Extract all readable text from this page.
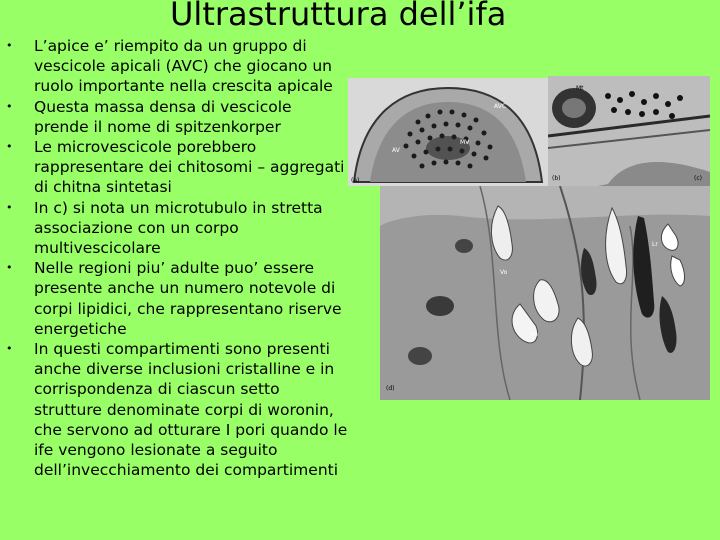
Ultrastruttura dell’ifa
• L’apice e’ riempito da un gruppo di vescicole apicali (AVC) che giocano un ruolo importante nella crescita apicale
• Questa massa densa di vescicole prende il nome di spitzenkorper
• Le microvescicole porebbero rappresentare dei chitosomi – aggregati di chitna sintetasi
• In c) si nota un microtubulo in stretta associazione con un corpo multivescicolare
• Nelle regioni piu’ adulte puo’ essere presente anche un numero notevole di corpi lipidici, che rappresentano riserve energetiche
• In questi compartimenti sono presenti anche diverse inclusioni cristalline e in corrispondenza di ciascun setto strutture denominate corpi di woronin, che servono ad otturare I pori quando le ife vengono lesionate a seguito dell’invecchiamento dei compartimenti
(a)
AVC
MV
AV
Mt
(b)	(c)
Vo
Vn
Lr
(d)
